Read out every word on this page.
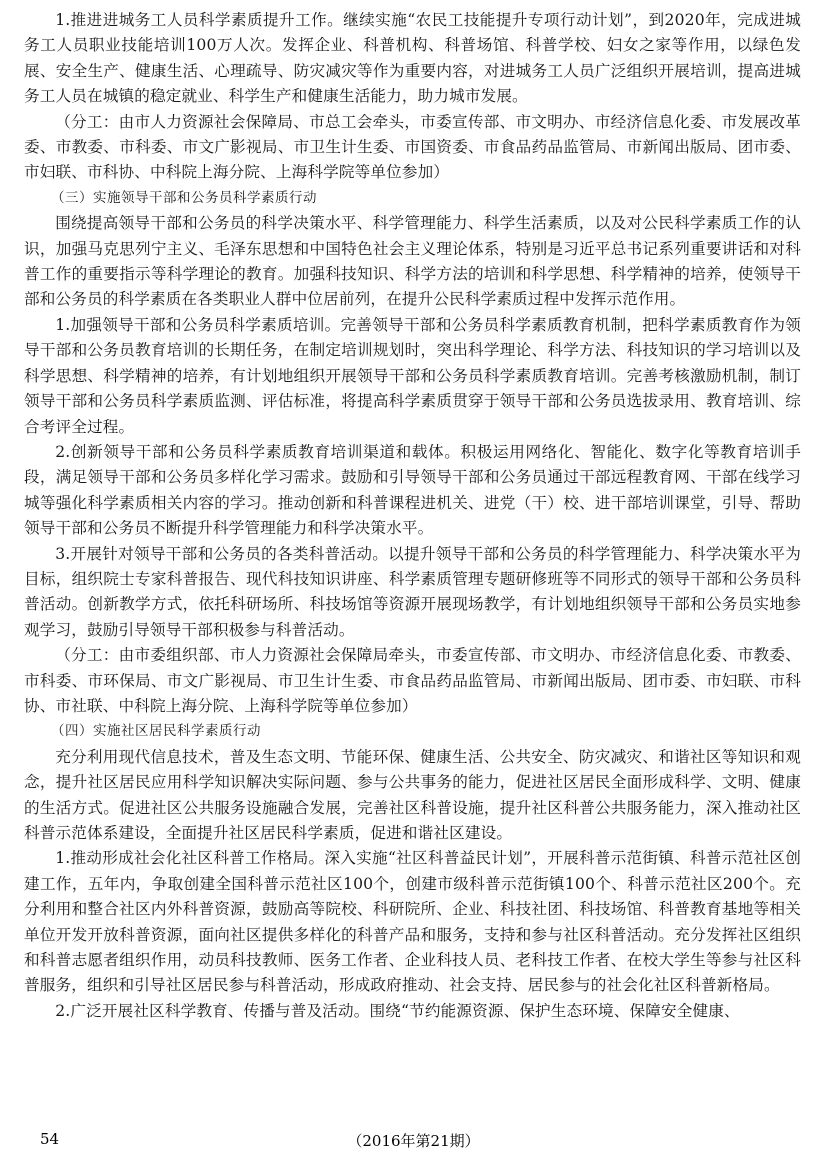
1.推进进城务工人员科学素质提升工作。继续实施“农民工技能提升专项行动计划”，到2020年，完成进城务工人员职业技能培训100万人次。发挥企业、科普机构、科普场馆、科普学校、妇女之家等作用，以绿色发展、安全生产、健康生活、心理疏导、防灾减灾等作为重要内容，对进城务工人员广泛组织开展培训，提高进城务工人员在城镇的稳定就业、科学生产和健康生活能力，助力城市发展。

（分工：由市人力资源社会保障局、市总工会牵头，市委宣传部、市文明办、市经济信息化委、市发展改革委、市教委、市科委、市文广影视局、市卫生计生委、市国资委、市食品药品监管局、市新闻出版局、团市委、市妇联、市科协、中科院上海分院、上海科学院等单位参加）

（三）实施领导干部和公务员科学素质行动

围绕提高领导干部和公务员的科学决策水平、科学管理能力、科学生活素质，以及对公民科学素质工作的认识，加强马克思列宁主义、毛泽东思想和中国特色社会主义理论体系，特别是习近平总书记系列重要讲话和对科普工作的重要指示等科学理论的教育。加强科技知识、科学方法的培训和科学思想、科学精神的培养，使领导干部和公务员的科学素质在各类职业人群中位居前列，在提升公民科学素质过程中发挥示范作用。

1.加强领导干部和公务员科学素质培训。完善领导干部和公务员科学素质教育机制，把科学素质教育作为领导干部和公务员教育培训的长期任务，在制定培训规划时，突出科学理论、科学方法、科技知识的学习培训以及科学思想、科学精神的培养，有计划地组织开展领导干部和公务员科学素质教育培训。完善考核激励机制，制订领导干部和公务员科学素质监测、评估标准，将提高科学素质贯穿于领导干部和公务员选拔录用、教育培训、综合考评全过程。

2.创新领导干部和公务员科学素质教育培训渠道和载体。积极运用网络化、智能化、数字化等教育培训手段，满足领导干部和公务员多样化学习需求。鼓励和引导领导干部和公务员通过干部远程教育网、干部在线学习城等强化科学素质相关内容的学习。推动创新和科普课程进机关、进党（干）校、进干部培训课堂，引导、帮助领导干部和公务员不断提升科学管理能力和科学决策水平。

3.开展针对领导干部和公务员的各类科普活动。以提升领导干部和公务员的科学管理能力、科学决策水平为目标，组织院士专家科普报告、现代科技知识讲座、科学素质管理专题研修班等不同形式的领导干部和公务员科普活动。创新教学方式，依托科研场所、科技场馆等资源开展现场教学，有计划地组织领导干部和公务员实地参观学习，鼓励引导领导干部积极参与科普活动。

（分工：由市委组织部、市人力资源社会保障局牵头，市委宣传部、市文明办、市经济信息化委、市教委、市科委、市环保局、市文广影视局、市卫生计生委、市食品药品监管局、市新闻出版局、团市委、市妇联、市科协、市社联、中科院上海分院、上海科学院等单位参加）

（四）实施社区居民科学素质行动

充分利用现代信息技术，普及生态文明、节能环保、健康生活、公共安全、防灾减灾、和谐社区等知识和观念，提升社区居民应用科学知识解决实际问题、参与公共事务的能力，促进社区居民全面形成科学、文明、健康的生活方式。促进社区公共服务设施融合发展，完善社区科普设施，提升社区科普公共服务能力，深入推动社区科普示范体系建设，全面提升社区居民科学素质，促进和谐社区建设。

1.推动形成社会化社区科普工作格局。深入实施“社区科普益民计划”，开展科普示范街镇、科普示范社区创建工作，五年内，争取创建全国科普示范社区100个，创建市级科普示范街镇100个、科普示范社区200个。充分利用和整合社区内外科普资源，鼓励高等院校、科研院所、企业、科技社团、科技场馆、科普教育基地等相关单位开发开放科普资源，面向社区提供多样化的科普产品和服务，支持和参与社区科普活动。充分发挥社区组织和科普志愿者组织作用，动员科技教师、医务工作者、企业科技人员、老科技工作者、在校大学生等参与社区科普服务，组织和引导社区居民参与科普活动，形成政府推动、社会支持、居民参与的社会化社区科普新格局。

2.广泛开展社区科学教育、传播与普及活动。围绕“节约能源资源、保护生态环境、保障安全健康、

54	（2016年第21期）
